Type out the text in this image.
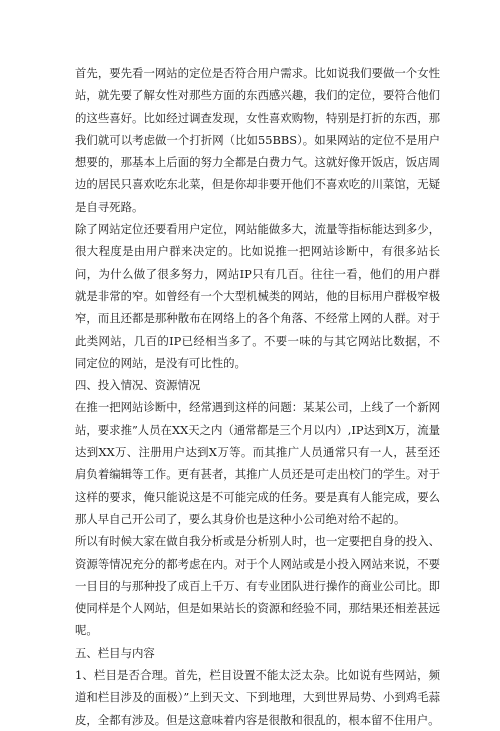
首先，要先看一网站的定位是否符合用户需求。比如说我们要做一个女性站，就先要了解女性对那些方面的东西感兴趣，我们的定位，要符合他们的这些喜好。比如经过调查发现，女性喜欢购物，特别是打折的东西，那我们就可以考虑做一个打折网（比如55BBS）。如果网站的定位不是用户想要的，那基本上后面的努力全都是白费力气。这就好像开饭店，饭店周边的居民只喜欢吃东北菜，但是你却非要开他们不喜欢吃的川菜馆，无疑是自寻死路。

除了网站定位还要看用户定位，网站能做多大，流量等指标能达到多少，很大程度是由用户群来决定的。比如说推一把网站诊断中，有很多站长问，为什么做了很多努力，网站IP只有几百。往往一看，他们的用户群就是非常的窄。如曾经有一个大型机械类的网站，他的目标用户群极窄极窄，而且还都是那种散布在网络上的各个角落、不经常上网的人群。对于此类网站，几百的IP已经相当多了。不要一味的与其它网站比数据，不同定位的网站，是没有可比性的。

四、投入情况、资源情况

在推一把网站诊断中，经常遇到这样的问题：某某公司，上线了一个新网站，要求推”人员在XX天之内（通常都是三个月以内）,IP达到X万，流量达到XX万、注册用户达到X万等。而其推广人员通常只有一人，甚至还肩负着编辑等工作。更有甚者，其推广人员还是可走出校门的学生。对于这样的要求，俺只能说这是不可能完成的任务。要是真有人能完成，要么那人早自己开公司了，要么其身价也是这种小公司绝对给不起的。

所以有时候大家在做自我分析或是分析别人时，也一定要把自身的投入、资源等情况充分的都考虑在内。对于个人网站或是小投入网站来说，不要一目目的与那种投了成百上千万、有专业团队进行操作的商业公司比。即使同样是个人网站，但是如果站长的资源和经验不同，那结果还相差甚远呢。

五、栏目与内容

1、栏目是否合理。首先，栏目设置不能太泛太杂。比如说有些网站，频道和栏目涉及的面极）”上到天文、下到地理，大到世界局势、小到鸡毛蒜皮，全都有涉及。但是这意味着内容是很散和很乱的，根本留不住用户。
